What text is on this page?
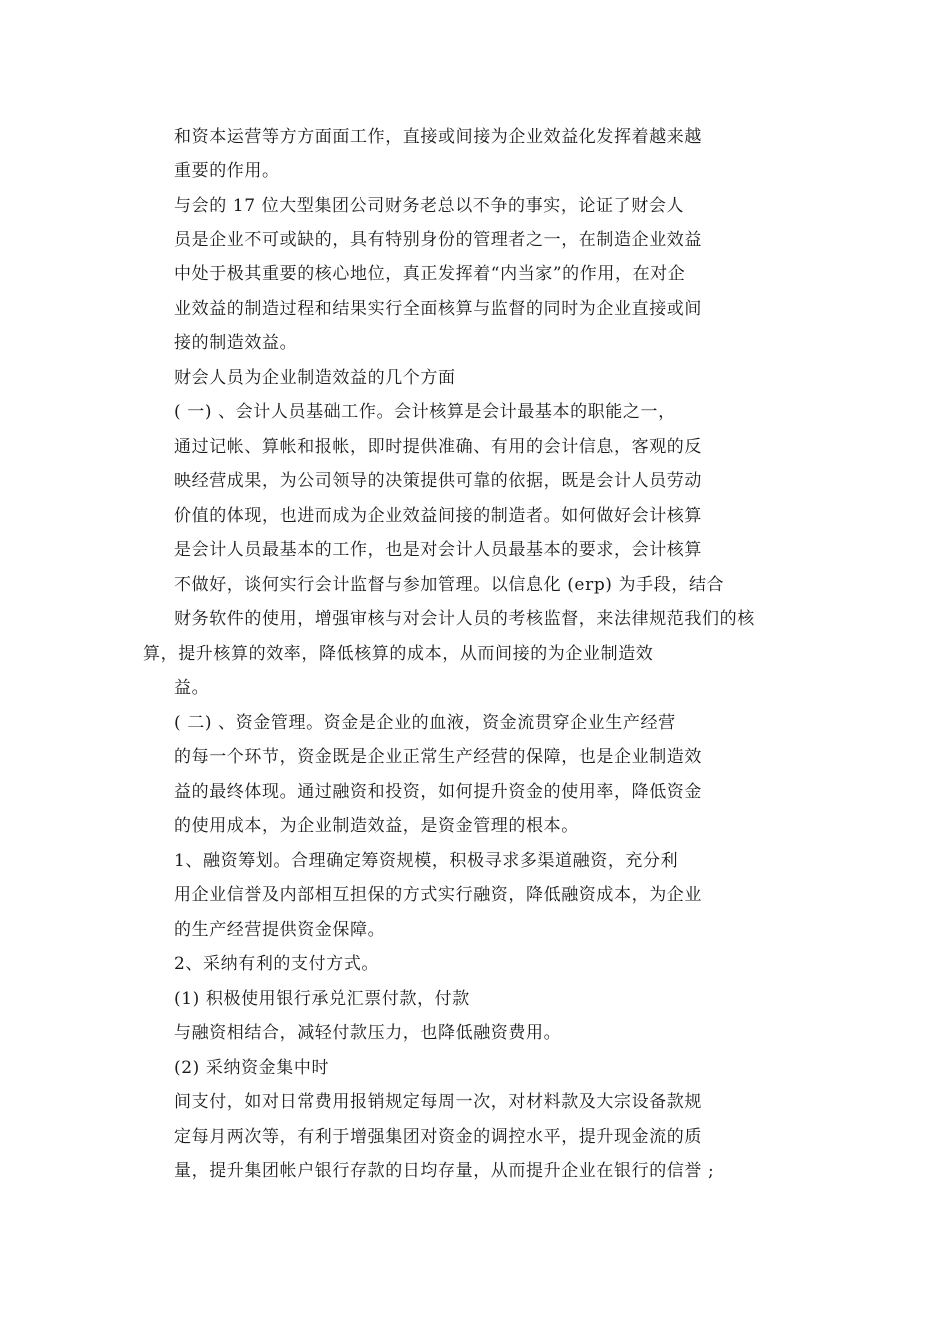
和资本运营等方方面面工作，直接或间接为企业效益化发挥着越来越
重要的作用。
与会的 17 位大型集团公司财务老总以不争的事实，论证了财会人
员是企业不可或缺的，具有特别身份的管理者之一，在制造企业效益
中处于极其重要的核心地位，真正发挥着“内当家”的作用，在对企
业效益的制造过程和结果实行全面核算与监督的同时为企业直接或间
接的制造效益。
财会人员为企业制造效益的几个方面
( 一) 、会计人员基础工作。会计核算是会计最基本的职能之一，
通过记帐、算帐和报帐，即时提供准确、有用的会计信息，客观的反
映经营成果，为公司领导的决策提供可靠的依据，既是会计人员劳动
价值的体现，也进而成为企业效益间接的制造者。如何做好会计核算
是会计人员最基本的工作，也是对会计人员最基本的要求，会计核算
不做好，谈何实行会计监督与参加管理。以信息化 (erp) 为手段，结合
财务软件的使用，增强审核与对会计人员的考核监督，来法律规范我们的核
算，提升核算的效率，降低核算的成本，从而间接的为企业制造效
益。
( 二) 、资金管理。资金是企业的血液，资金流贯穿企业生产经营
的每一个环节，资金既是企业正常生产经营的保障，也是企业制造效
益的最终体现。通过融资和投资，如何提升资金的使用率，降低资金
的使用成本，为企业制造效益，是资金管理的根本。
1、融资筹划。合理确定筹资规模，积极寻求多渠道融资，充分利
用企业信誉及内部相互担保的方式实行融资，降低融资成本，为企业
的生产经营提供资金保障。
2、采纳有利的支付方式。
(1) 积极使用银行承兑汇票付款，付款
与融资相结合，减轻付款压力，也降低融资费用。
(2) 采纳资金集中时
间支付，如对日常费用报销规定每周一次，对材料款及大宗设备款规
定每月两次等，有利于增强集团对资金的调控水平，提升现金流的质
量，提升集团帐户银行存款的日均存量，从而提升企业在银行的信誉 ;
